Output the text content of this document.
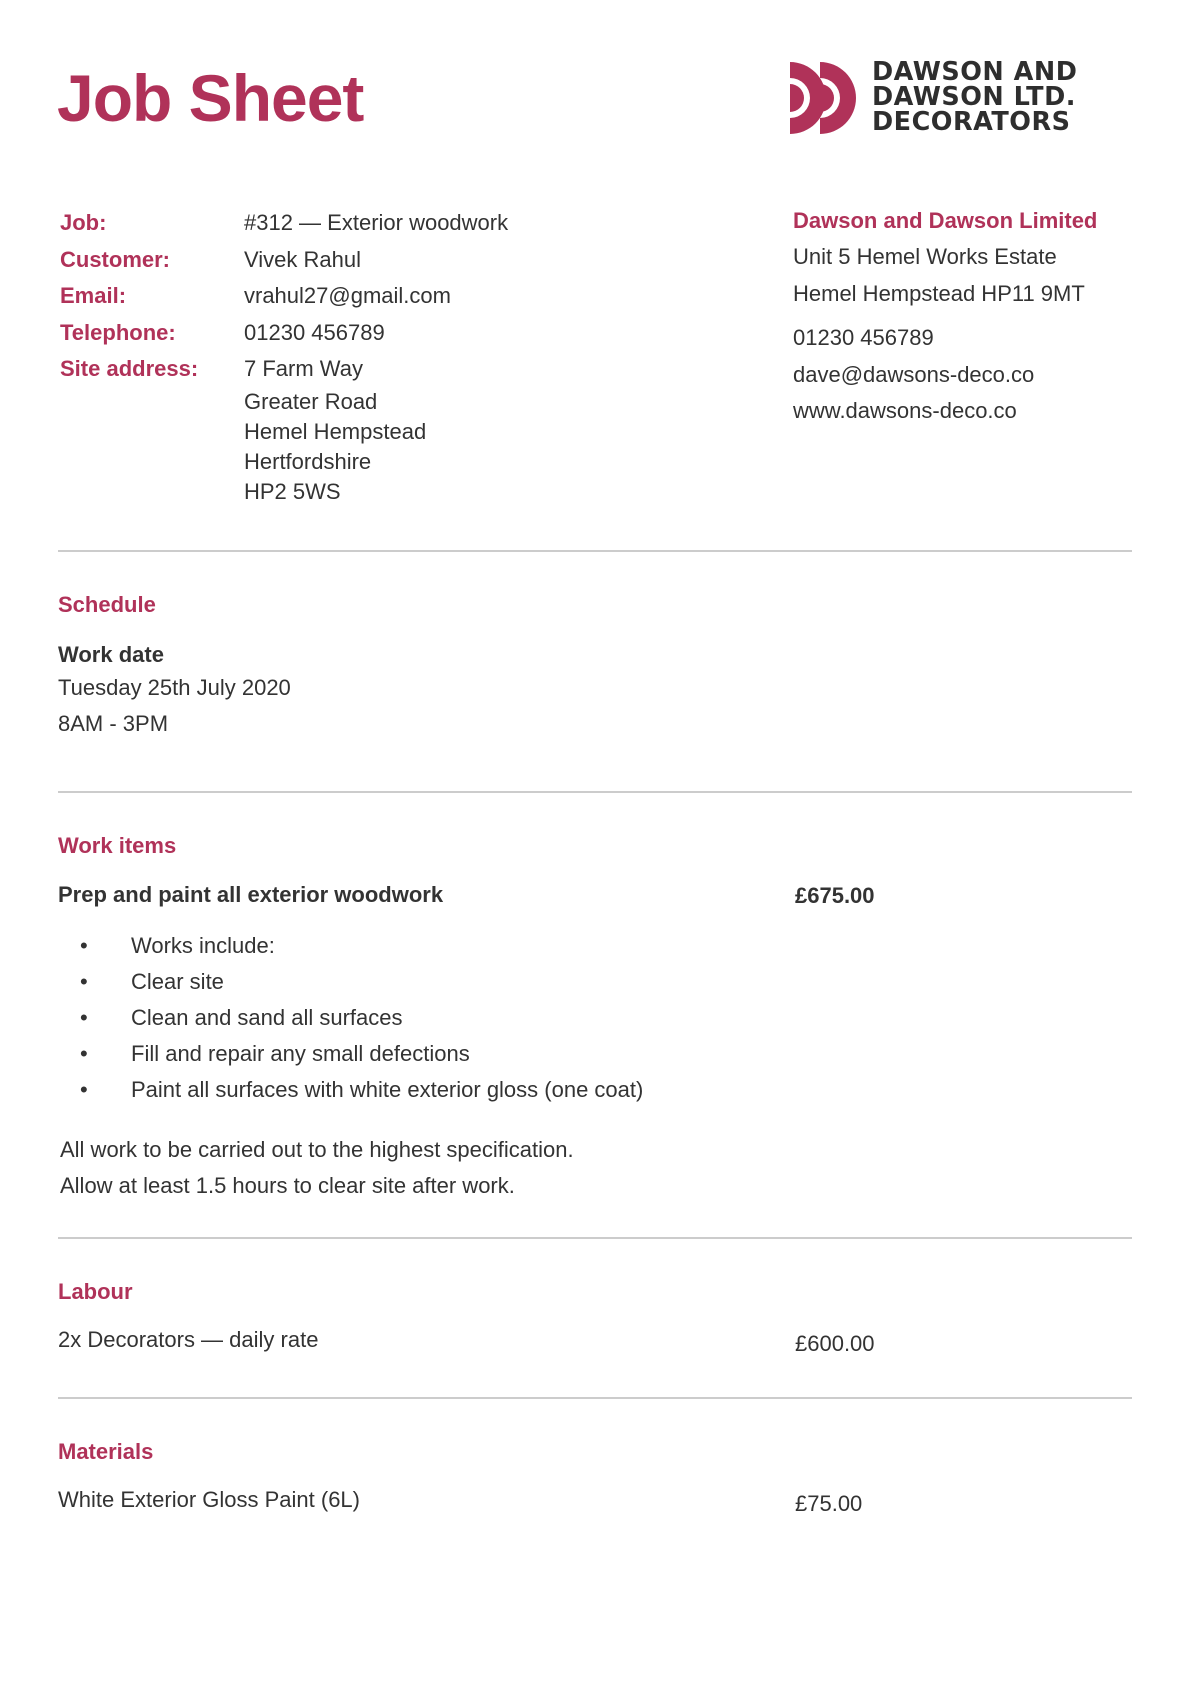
Job Sheet	DAWSON AND
DAWSON LTD.
DECORATORS
Job:	#312 — Exterior woodwork
Customer:	Vivek Rahul
Email:	vrahul27@gmail.com
Telephone:	01230 456789
Site address:	7 Farm Way
Greater Road
Hemel Hempstead
Hertfordshire
HP2 5WS
Dawson and Dawson Limited
Unit 5 Hemel Works Estate
Hemel Hempstead HP11 9MT
01230 456789
dave@dawsons-deco.co
www.dawsons-deco.co
Schedule
Work date
Tuesday 25th July 2020
8AM - 3PM
Work items
Prep and paint all exterior woodwork	£675.00
•	Works include:
•	Clear site
•	Clean and sand all surfaces
•	Fill and repair any small defections
•	Paint all surfaces with white exterior gloss (one coat)
All work to be carried out to the highest specification.
Allow at least 1.5 hours to clear site after work.
Labour
2x Decorators — daily rate	£600.00
Materials
White Exterior Gloss Paint (6L)	£75.00
